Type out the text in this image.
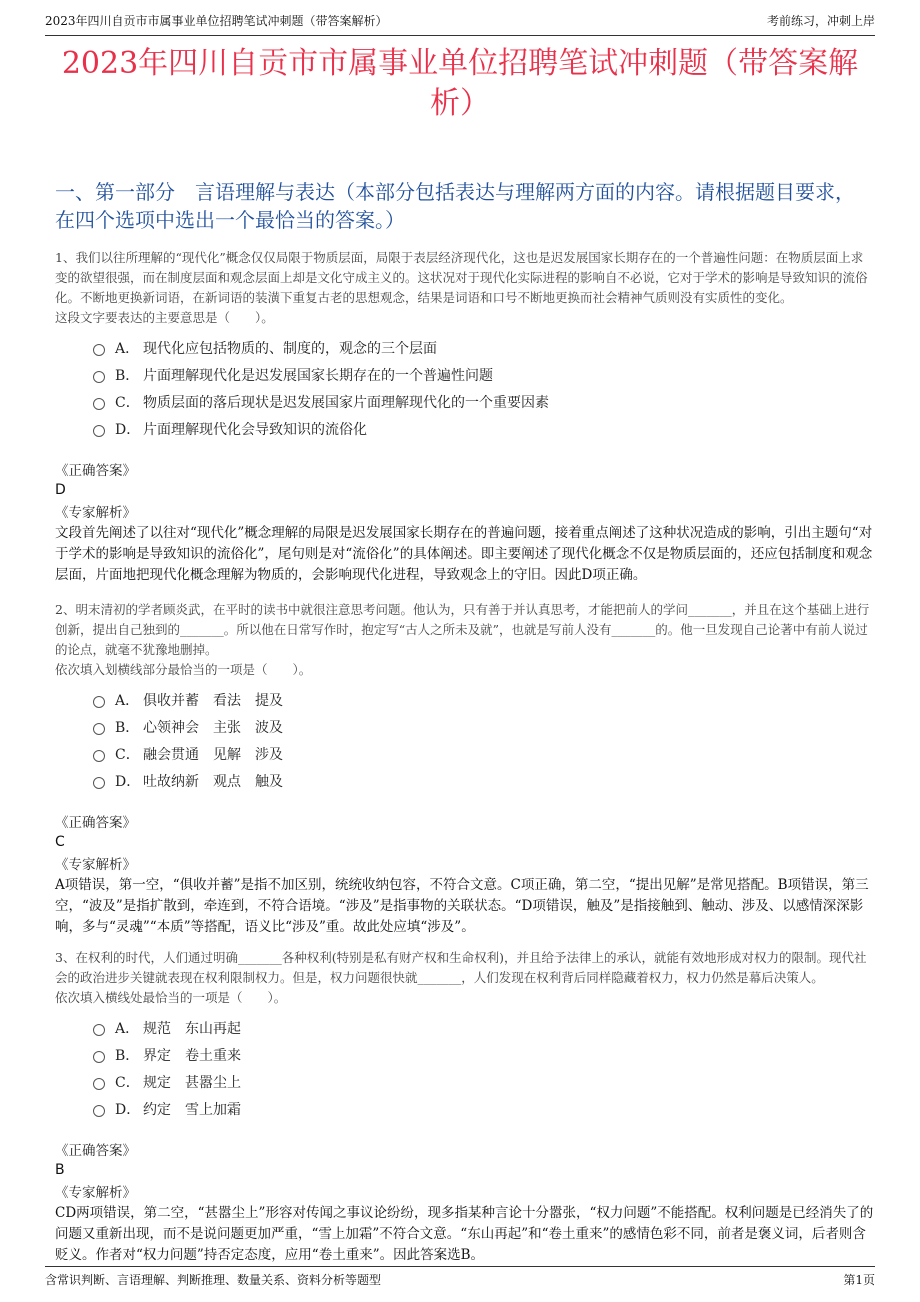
2023年四川自贡市市属事业单位招聘笔试冲刺题（带答案解析）	考前练习，冲刺上岸
2023年四川自贡市市属事业单位招聘笔试冲刺题（带答案解析）
一、第一部分　言语理解与表达（本部分包括表达与理解两方面的内容。请根据题目要求，在四个选项中选出一个最恰当的答案。）

1、我们以往所理解的“现代化”概念仅仅局限于物质层面，局限于表层经济现代化，这也是迟发展国家长期存在的一个普遍性问题：在物质层面上求变的欲望很强，而在制度层面和观念层面上却是文化守成主义的。这状况对于现代化实际进程的影响自不必说，它对于学术的影响是导致知识的流俗化。不断地更换新词语，在新词语的装潢下重复古老的思想观念，结果是词语和口号不断地更换而社会精神气质则没有实质性的变化。

这段文字要表达的主要意思是（　　）。

A． 现代化应包括物质的、制度的，观念的三个层面
B． 片面理解现代化是迟发展国家长期存在的一个普遍性问题
C． 物质层面的落后现状是迟发展国家片面理解现代化的一个重要因素
D． 片面理解现代化会导致知识的流俗化
《正确答案》
D
《专家解析》

文段首先阐述了以往对“现代化”概念理解的局限是迟发展国家长期存在的普遍问题，接着重点阐述了这种状况造成的影响，引出主题句“对于学术的影响是导致知识的流俗化”，尾句则是对“流俗化”的具体阐述。即主要阐述了现代化概念不仅是物质层面的，还应包括制度和观念层面，片面地把现代化概念理解为物质的，会影响现代化进程，导致观念上的守旧。因此D项正确。

2、明末清初的学者顾炎武，在平时的读书中就很注意思考问题。他认为，只有善于并认真思考，才能把前人的学问_______，并且在这个基础上进行创新，提出自己独到的_______。所以他在日常写作时，抱定写“古人之所未及就”，也就是写前人没有_______的。他一旦发现自己论著中有前人说过的论点，就毫不犹豫地删掉。

依次填入划横线部分最恰当的一项是（　　）。

A． 俱收并蓄　看法　提及
B． 心领神会　主张　波及
C． 融会贯通　见解　涉及
D． 吐故纳新　观点　触及
《正确答案》
C
《专家解析》

A项错误，第一空，“俱收并蓄”是指不加区别，统统收纳包容，不符合文意。C项正确，第二空，“提出见解”是常见搭配。B项错误，第三空，“波及”是指扩散到，牵连到，不符合语境。“涉及”是指事物的关联状态。“D项错误，触及”是指接触到、触动、涉及、以感情深深影响，多与“灵魂”“本质”等搭配，语义比“涉及”重。故此处应填“涉及”。

3、在权利的时代，人们通过明确_______各种权利(特别是私有财产权和生命权利)，并且给予法律上的承认，就能有效地形成对权力的限制。现代社会的政治进步关键就表现在权利限制权力。但是，权力问题很快就_______，人们发现在权利背后同样隐藏着权力，权力仍然是幕后决策人。

依次填入横线处最恰当的一项是（　　）。

A． 规范　东山再起
B． 界定　卷土重来
C． 规定　甚嚣尘上
D． 约定　雪上加霜
《正确答案》
B
《专家解析》

CD两项错误，第二空，“甚嚣尘上”形容对传闻之事议论纷纷，现多指某种言论十分嚣张，“权力问题”不能搭配。权利问题是已经消失了的问题又重新出现，而不是说问题更加严重，“雪上加霜”不符合文意。“东山再起”和“卷土重来”的感情色彩不同，前者是褒义词，后者则含贬义。作者对“权力问题”持否定态度，应用“卷土重来”。因此答案选B。

含常识判断、言语理解、判断推理、数量关系、资料分析等题型	第1页
